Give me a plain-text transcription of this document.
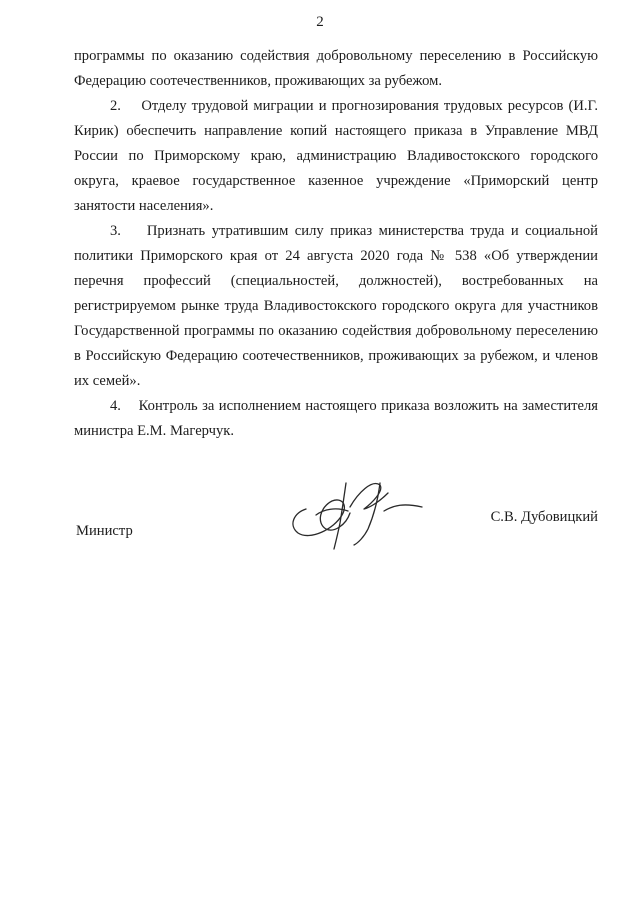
2

программы по оказанию содействия добровольному переселению в Российскую Федерацию соотечественников, проживающих за рубежом.

2.    Отделу трудовой миграции и прогнозирования трудовых ресурсов (И.Г. Кирик) обеспечить направление копий настоящего приказа в Управление МВД России по Приморскому краю, администрацию Владивостокского городского округа, краевое государственное казенное учреждение «Приморский центр занятости населения».

3.    Признать утратившим силу приказ министерства труда и социальной политики Приморского края от 24 августа 2020 года № 538 «Об утверждении перечня профессий (специальностей, должностей), востребованных на регистрируемом рынке труда Владивостокского городского округа для участников Государственной программы по оказанию содействия добровольному переселению в Российскую Федерацию соотечественников, проживающих за рубежом, и членов их семей».

4.    Контроль за исполнением настоящего приказа возложить на заместителя министра Е.М. Магерчук.

Министр
С.В. Дубовицкий
